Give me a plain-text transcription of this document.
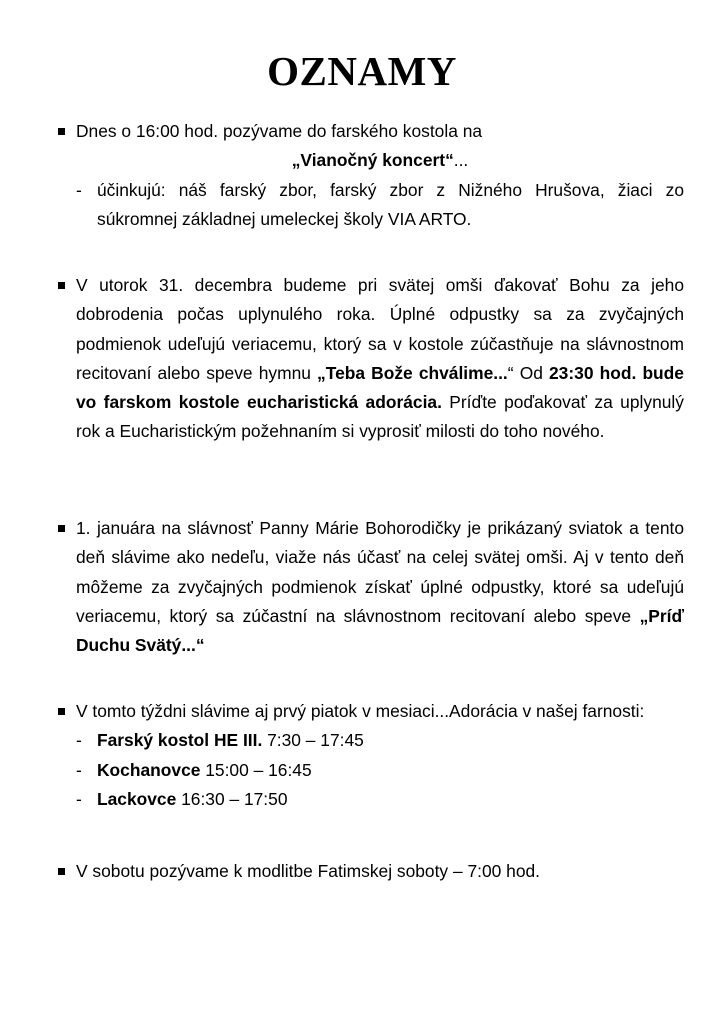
OZNAMY
Dnes o 16:00 hod. pozývame do farského kostola na
„Vianočný koncert“...
- účinkujú: náš farský zbor, farský zbor z Nižného Hrušova, žiaci zo súkromnej základnej umeleckej školy VIA ARTO.
V utorok 31. decembra budeme pri svätej omši ďakovať Bohu za jeho dobrodenia počas uplynulého roka. Úplné odpustky sa za zvyčajných podmienok udeľujú veriacemu, ktorý sa v kostole zúčastňuje na slávnostnom recitovaní alebo speve hymnu „Teba Bože chválime...“ Od 23:30 hod. bude vo farskom kostole eucharistická adorácia. Príďte poďakovať za uplynulý rok a Eucharistickým požehnaním si vyprosiť milosti do toho nového.
1. januára na slávnosť Panny Márie Bohorodičky je prikázaný sviatok a tento deň slávime ako nedeľu, viaže nás účasť na celej svätej omši. Aj v tento deň môžeme za zvyčajných podmienok získať úplné odpustky, ktoré sa udeľujú veriacemu, ktorý sa zúčastní na slávnostnom recitovaní alebo speve „Príď Duchu Svätý...“
V tomto týždni slávime aj prvý piatok v mesiaci...Adorácia v našej farnosti:
- Farský kostol HE III. 7:30 – 17:45
- Kochanovce 15:00 – 16:45
- Lackovce 16:30 – 17:50
V sobotu pozývame k modlitbe Fatimskej soboty – 7:00 hod.
